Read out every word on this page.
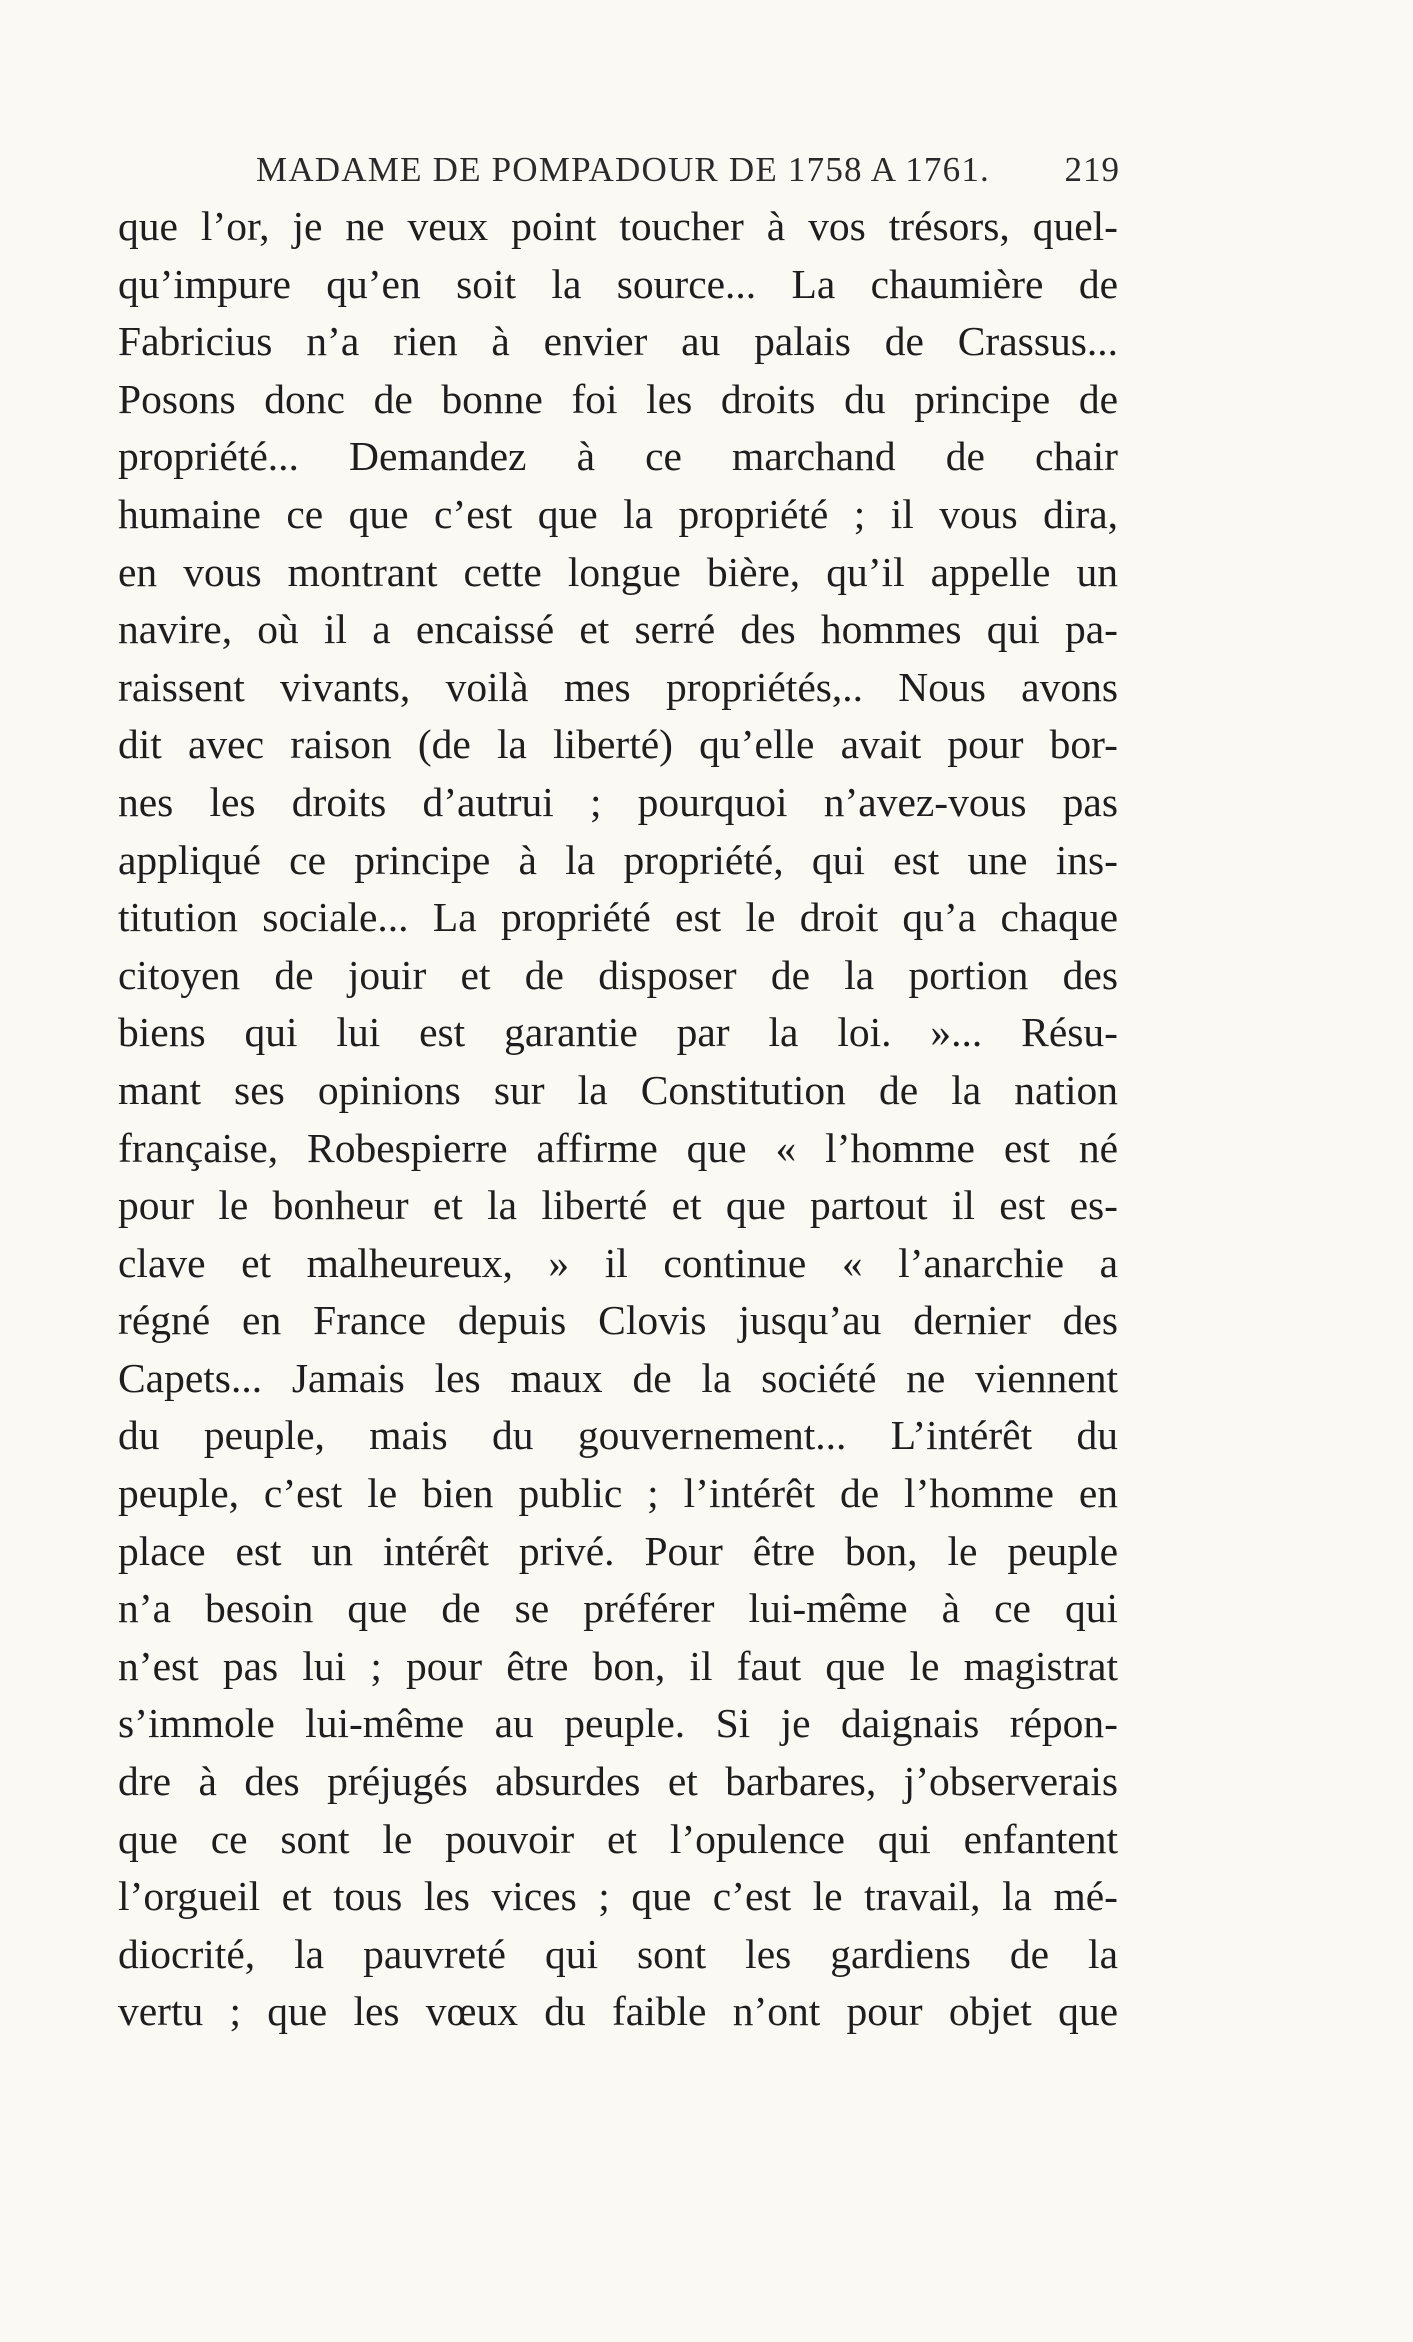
MADAME DE POMPADOUR DE 1758 A 1761. 219
que l’or, je ne veux point toucher à vos trésors, quel-
qu’impure qu’en soit la source... La chaumière de
Fabricius n’a rien à envier au palais de Crassus...
Posons donc de bonne foi les droits du principe de
propriété... Demandez à ce marchand de chair
humaine ce que c’est que la propriété ; il vous dira,
en vous montrant cette longue bière, qu’il appelle un
navire, où il a encaissé et serré des hommes qui pa-
raissent vivants, voilà mes propriétés,.. Nous avons
dit avec raison (de la liberté) qu’elle avait pour bor-
nes les droits d’autrui ; pourquoi n’avez-vous pas
appliqué ce principe à la propriété, qui est une ins-
titution sociale... La propriété est le droit qu’a chaque
citoyen de jouir et de disposer de la portion des
biens qui lui est garantie par la loi. »... Résu-
mant ses opinions sur la Constitution de la nation
française, Robespierre affirme que « l’homme est né
pour le bonheur et la liberté et que partout il est es-
clave et malheureux, » il continue « l’anarchie a
régné en France depuis Clovis jusqu’au dernier des
Capets... Jamais les maux de la société ne viennent
du peuple, mais du gouvernement... L’intérêt du
peuple, c’est le bien public ; l’intérêt de l’homme en
place est un intérêt privé. Pour être bon, le peuple
n’a besoin que de se préférer lui-même à ce qui
n’est pas lui ; pour être bon, il faut que le magistrat
s’immole lui-même au peuple. Si je daignais répon-
dre à des préjugés absurdes et barbares, j’observerais
que ce sont le pouvoir et l’opulence qui enfantent
l’orgueil et tous les vices ; que c’est le travail, la mé-
diocrité, la pauvreté qui sont les gardiens de la
vertu ; que les vœux du faible n’ont pour objet que
